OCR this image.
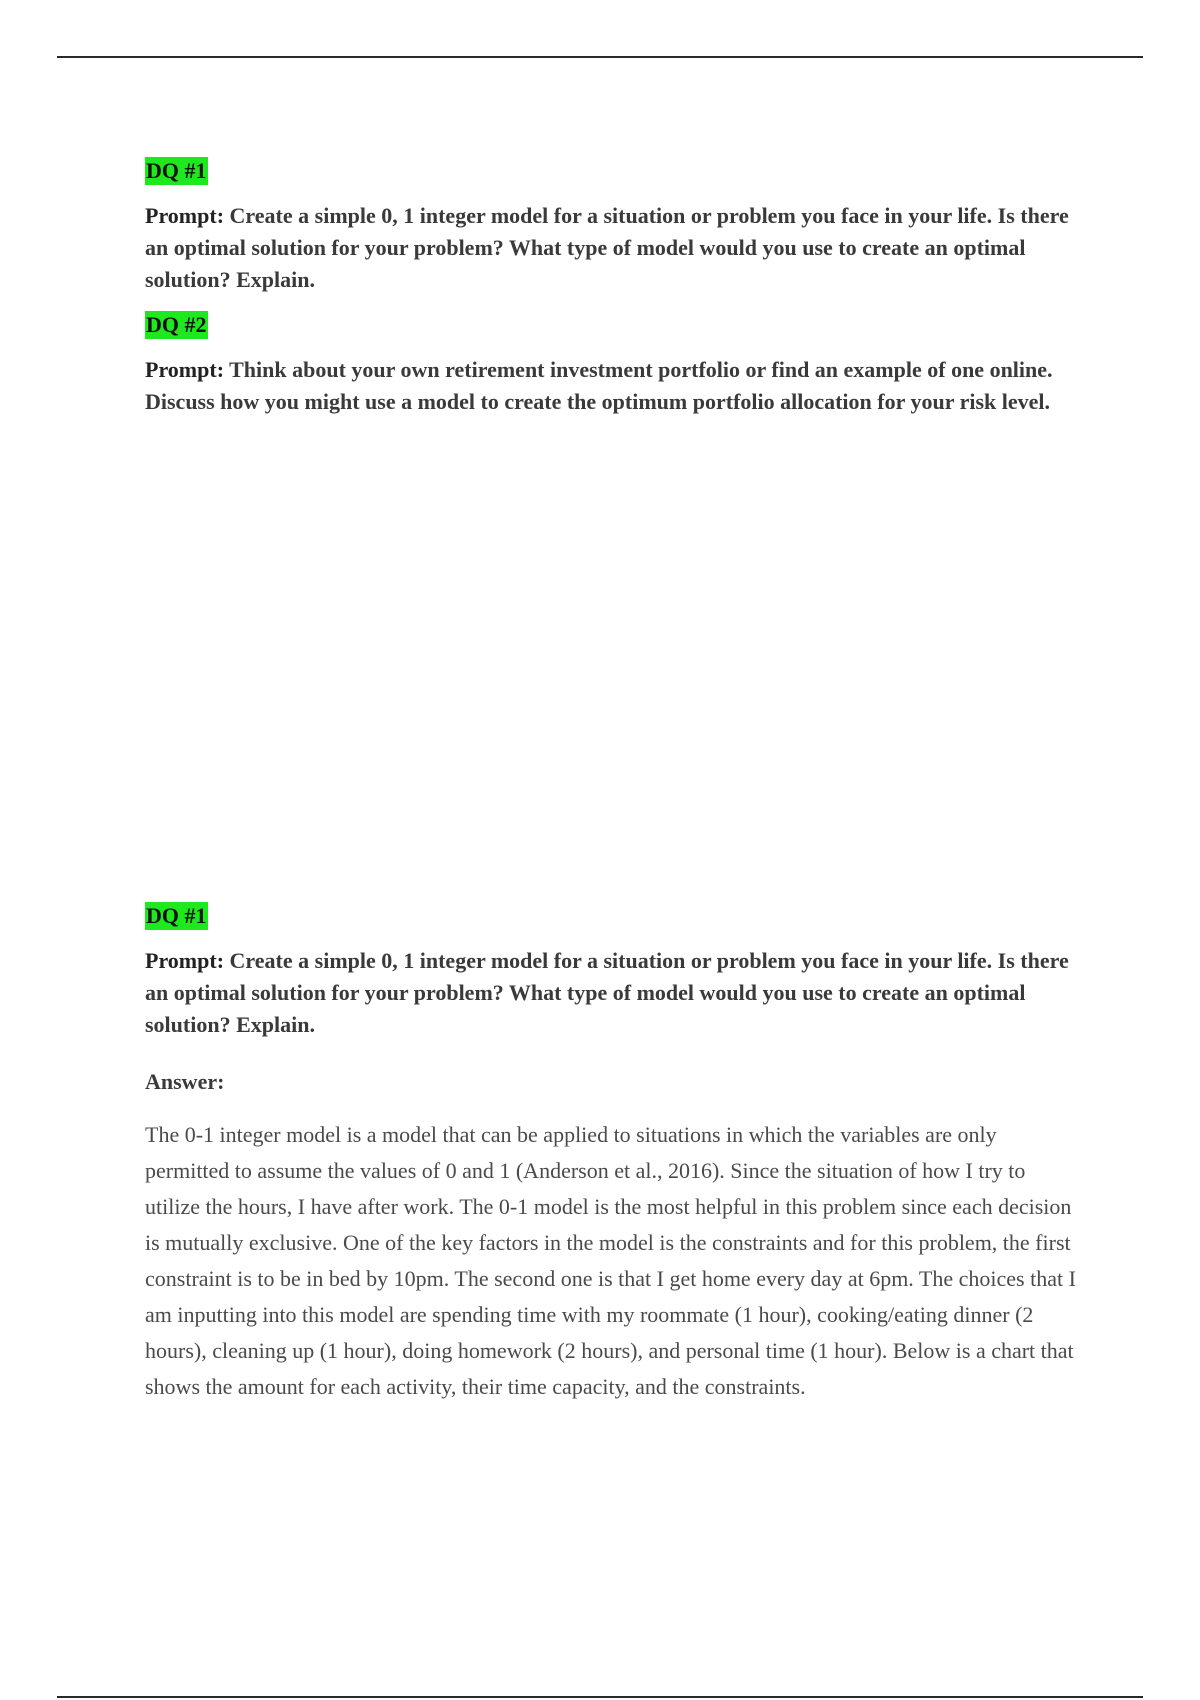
DQ #1

Prompt: Create a simple 0, 1 integer model for a situation or problem you face in your life. Is there an optimal solution for your problem? What type of model would you use to create an optimal solution? Explain.

DQ #2

Prompt: Think about your own retirement investment portfolio or find an example of one online. Discuss how you might use a model to create the optimum portfolio allocation for your risk level.

DQ #1

Prompt: Create a simple 0, 1 integer model for a situation or problem you face in your life. Is there an optimal solution for your problem? What type of model would you use to create an optimal solution? Explain.

Answer:

The 0-1 integer model is a model that can be applied to situations in which the variables are only permitted to assume the values of 0 and 1 (Anderson et al., 2016). Since the situation of how I try to utilize the hours, I have after work. The 0-1 model is the most helpful in this problem since each decision is mutually exclusive. One of the key factors in the model is the constraints and for this problem, the first constraint is to be in bed by 10pm. The second one is that I get home every day at 6pm. The choices that I am inputting into this model are spending time with my roommate (1 hour), cooking/eating dinner (2 hours), cleaning up (1 hour), doing homework (2 hours), and personal time (1 hour). Below is a chart that shows the amount for each activity, their time capacity, and the constraints.
